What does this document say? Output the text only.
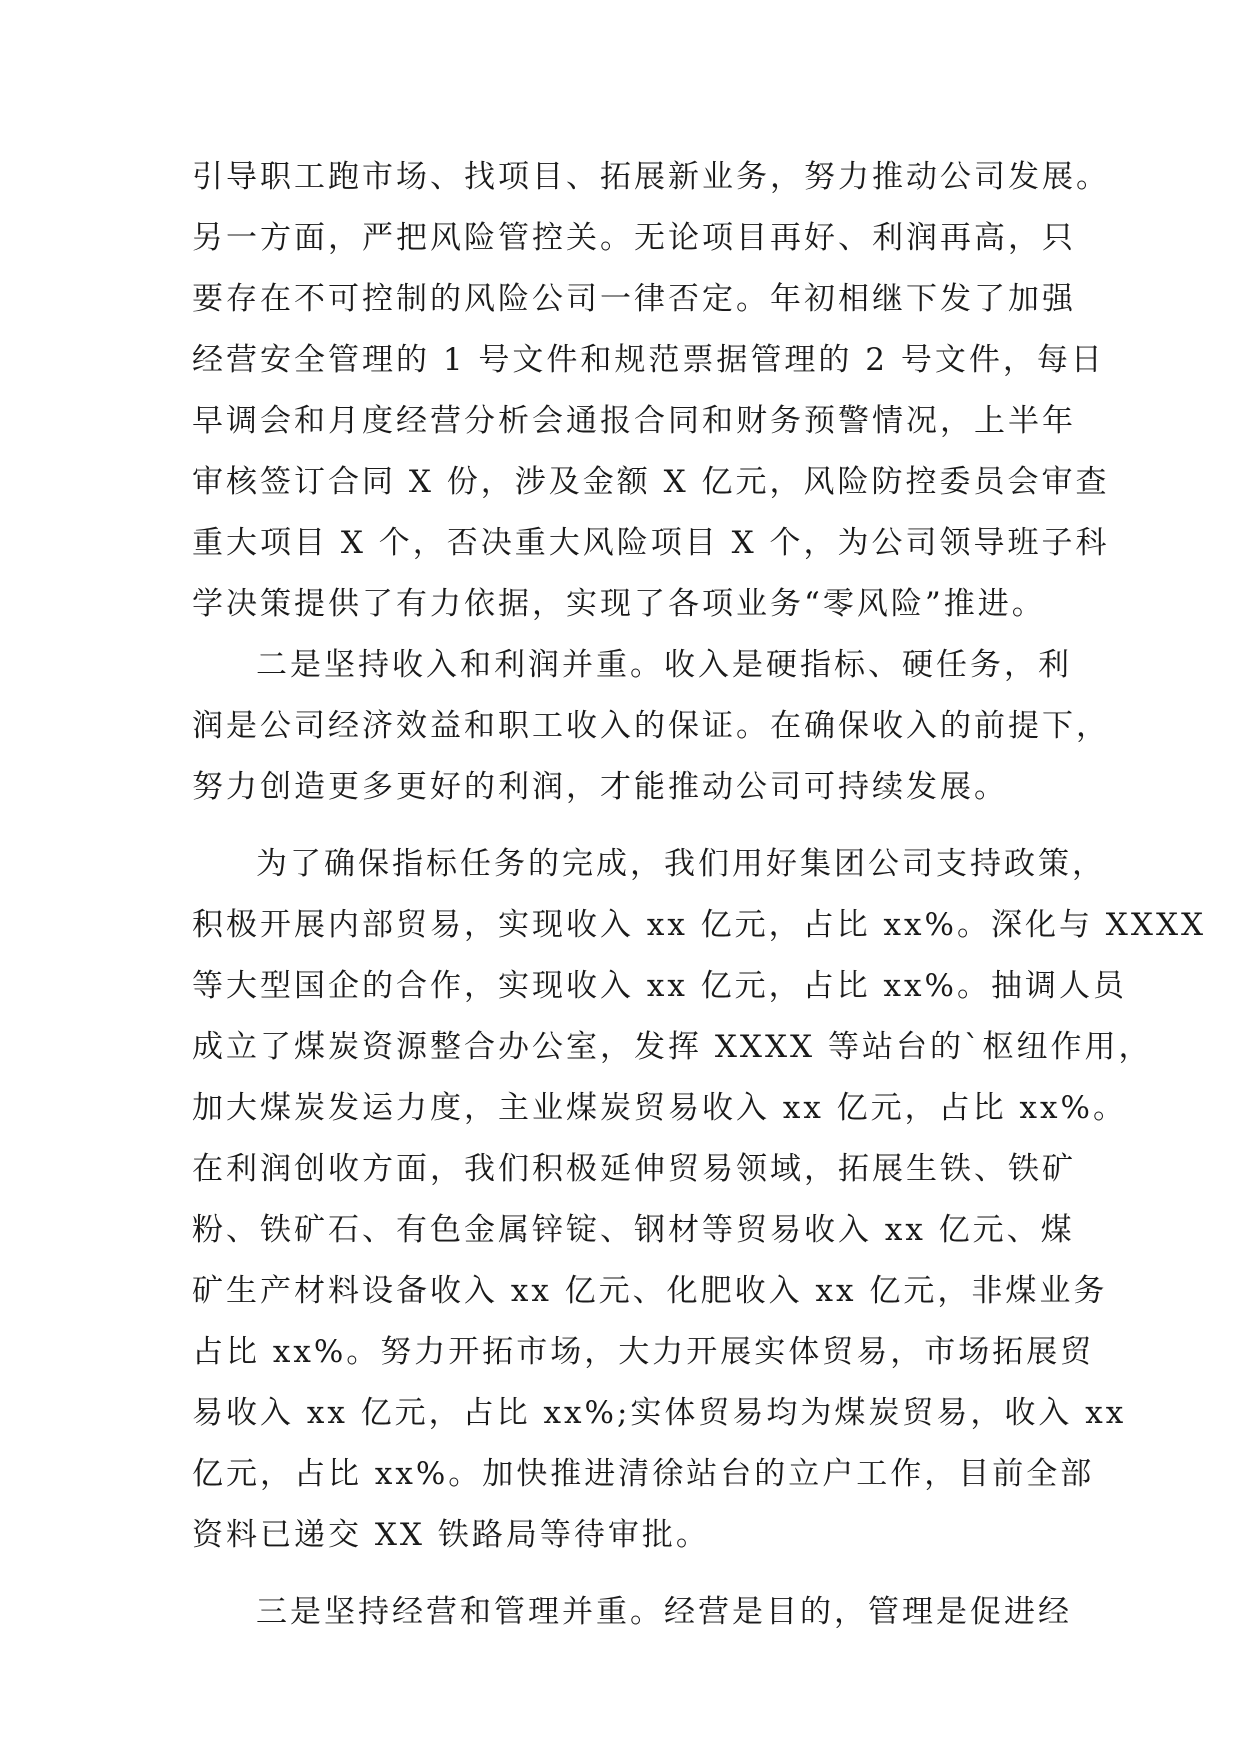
引导职工跑市场、找项目、拓展新业务，努力推动公司发展。
另一方面，严把风险管控关。无论项目再好、利润再高，只
要存在不可控制的风险公司一律否定。年初相继下发了加强
经营安全管理的 1 号文件和规范票据管理的 2 号文件，每日
早调会和月度经营分析会通报合同和财务预警情况，上半年
审核签订合同 X 份，涉及金额 X 亿元，风险防控委员会审查
重大项目 X 个，否决重大风险项目 X 个，为公司领导班子科
学决策提供了有力依据，实现了各项业务“零风险”推进。
二是坚持收入和利润并重。收入是硬指标、硬任务，利
润是公司经济效益和职工收入的保证。在确保收入的前提下，
努力创造更多更好的利润，才能推动公司可持续发展。
为了确保指标任务的完成，我们用好集团公司支持政策，
积极开展内部贸易，实现收入 xx 亿元，占比 xx%。深化与 XXXX
等大型国企的合作，实现收入 xx 亿元，占比 xx%。抽调人员
成立了煤炭资源整合办公室，发挥 XXXX 等站台的`枢纽作用，
加大煤炭发运力度，主业煤炭贸易收入 xx 亿元，占比 xx%。
在利润创收方面，我们积极延伸贸易领域，拓展生铁、铁矿
粉、铁矿石、有色金属锌锭、钢材等贸易收入 xx 亿元、煤
矿生产材料设备收入 xx 亿元、化肥收入 xx 亿元，非煤业务
占比 xx%。努力开拓市场，大力开展实体贸易，市场拓展贸
易收入 xx 亿元，占比 xx%;实体贸易均为煤炭贸易，收入 xx
亿元，占比 xx%。加快推进清徐站台的立户工作，目前全部
资料已递交 XX 铁路局等待审批。
三是坚持经营和管理并重。经营是目的，管理是促进经
